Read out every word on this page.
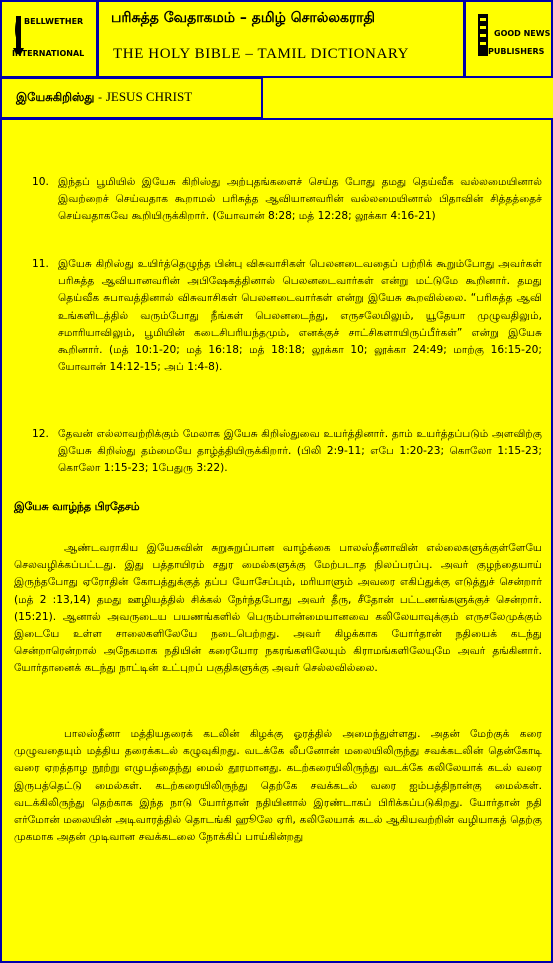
BELLWETHER
INTERNATIONAL
பரிசுத்த வேதாகமம் – தமிழ் சொல்லகராதி
THE HOLY BIBLE – TAMIL DICTIONARY
GOOD NEWS
PUBLISHERS
இயேசுகிறிஸ்து - JESUS CHRIST
10. இந்தப் பூமியில் இயேசு கிறிஸ்து அற்புதங்களைச் செய்த போது தமது தெய்வீக வல்லமையினால் இவற்றைச் செய்வதாக கூறாமல் பரிசுத்த ஆவியானவரின் வல்லமையினால் பிதாவின் சித்தத்தைச் செய்வதாகவே கூறியிருக்கிறார். (யோவான் 8:28; மத் 12:28; லூக்கா 4:16-21)

11. இயேசு கிறிஸ்து உயிர்த்தெழுந்த பின்பு விசுவாசிகள் பெலனடைவதைப் பற்றிக் கூறும்போது அவர்கள் பரிசுத்த ஆவியானவரின் அபிஷேகத்தினால் பெலனடைவார்கள் என்று மட்டுமே கூறினார். தமது தெய்வீக சுபாவத்தினால் விசுவாசிகள் பெலனடைவார்கள் என்று இயேசு கூறவில்லை. “பரிசுத்த ஆவி உங்களிடத்தில் வரும்போது நீங்கள் பெலனடைந்து, எருசலேமிலும், யூதேயா முழுவதிலும், சமாரியாவிலும், பூமியின் கடைசிபரியந்தமும், எனக்குச் சாட்சிகளாயிருப்பீர்கள்” என்று இயேசு கூறினார். (மத் 10:1-20; மத் 16:18; மத் 18:18; லூக்கா 10; லூக்கா 24:49; மாற்கு 16:15-20; யோவான் 14:12-15; அப் 1:4-8).

12. தேவன் எல்லாவற்றிக்கும் மேலாக இயேசு கிறிஸ்துவை உயர்த்தினார். தாம் உயர்த்தப்படும் அளவிற்கு இயேசு கிறிஸ்து தம்மையே தாழ்த்தியிருக்கிறார். (பிலி 2:9-11; எபே 1:20-23; கொலோ 1:15-23; கொலோ 1:15-23; 1பேதுரு 3:22).

இயேசு வாழ்ந்த பிரதேசம்

ஆண்டவராகிய இயேசுவின் சுறுசுறுப்பான வாழ்க்கை பாலஸ்தீனாவின் எல்லைகளுக்குள்ளேயே செலவழிக்கப்பட்டது. இது பத்தாயிரம் சதுர மைல்களுக்கு மேற்படாத நிலப்பரப்பு. அவர் குழந்தையாய் இருந்தபோது ஏரோதின் கோபத்துக்குத் தப்ப யோசேப்பும், மரியாளும் அவரை எகிப்துக்கு எடுத்துச் சென்றார் (மத் 2 :13,14) தமது ஊழியத்தில் சிக்கல் நேர்ந்தபோது அவர் தீரு, சீதோன் பட்டணங்களுக்குச் சென்றார். (15:21). ஆனால் அவருடைய பயணங்களில் பெரும்பான்மையானவை கலிலேயாவுக்கும் எருசலேமுக்கும் இடையே உள்ள சாலைகளிலேயே நடைபெற்றது. அவர் கிழக்காக யோர்தான் நதியைக் கடந்து சென்றாரென்றால் அநேகமாக நதியின் கரையோர நகரங்களிலேயும் கிராமங்களிலேயுமே அவர் தங்கினார். யோர்தானைக் கடந்து நாட்டின் உட்புறப் பகுதிகளுக்கு அவர் செல்லவில்லை.

பாலஸ்தீனா மத்தியதரைக் கடலின் கிழக்கு ஓரத்தில் அமைந்துள்ளது. அதன் மேற்குக் கரை முழுவதையும் மத்திய தரைக்கடல் கழுவுகிறது. வடக்கே லீபனோன் மலையிலிருந்து சவக்கடலின் தென்கோடி வரை ஏறத்தாழ நூற்று எழுபத்தைந்து மைல் தூரமானது. கடற்கரையிலிருந்து வடக்கே கலிலேயாக் கடல் வரை இருபத்தெட்டு மைல்கள். கடற்கரையிலிருந்து தெற்கே சவக்கடல் வரை ஐம்பத்திநான்கு மைல்கள். வடக்கிலிருந்து தெற்காக இந்த நாடு யோர்தான் நதியினால் இரண்டாகப் பிரிக்கப்படுகிறது. யோர்தான் நதி எர்மோன் மலையின் அடிவாரத்தில் தொடங்கி ஹூலே ஏரி, கலிலேயாக் கடல் ஆகியவற்றின் வழியாகத் தெற்கு முகமாக அதன் முடிவான சவக்கடலை நோக்கிப் பாய்கின்றது
